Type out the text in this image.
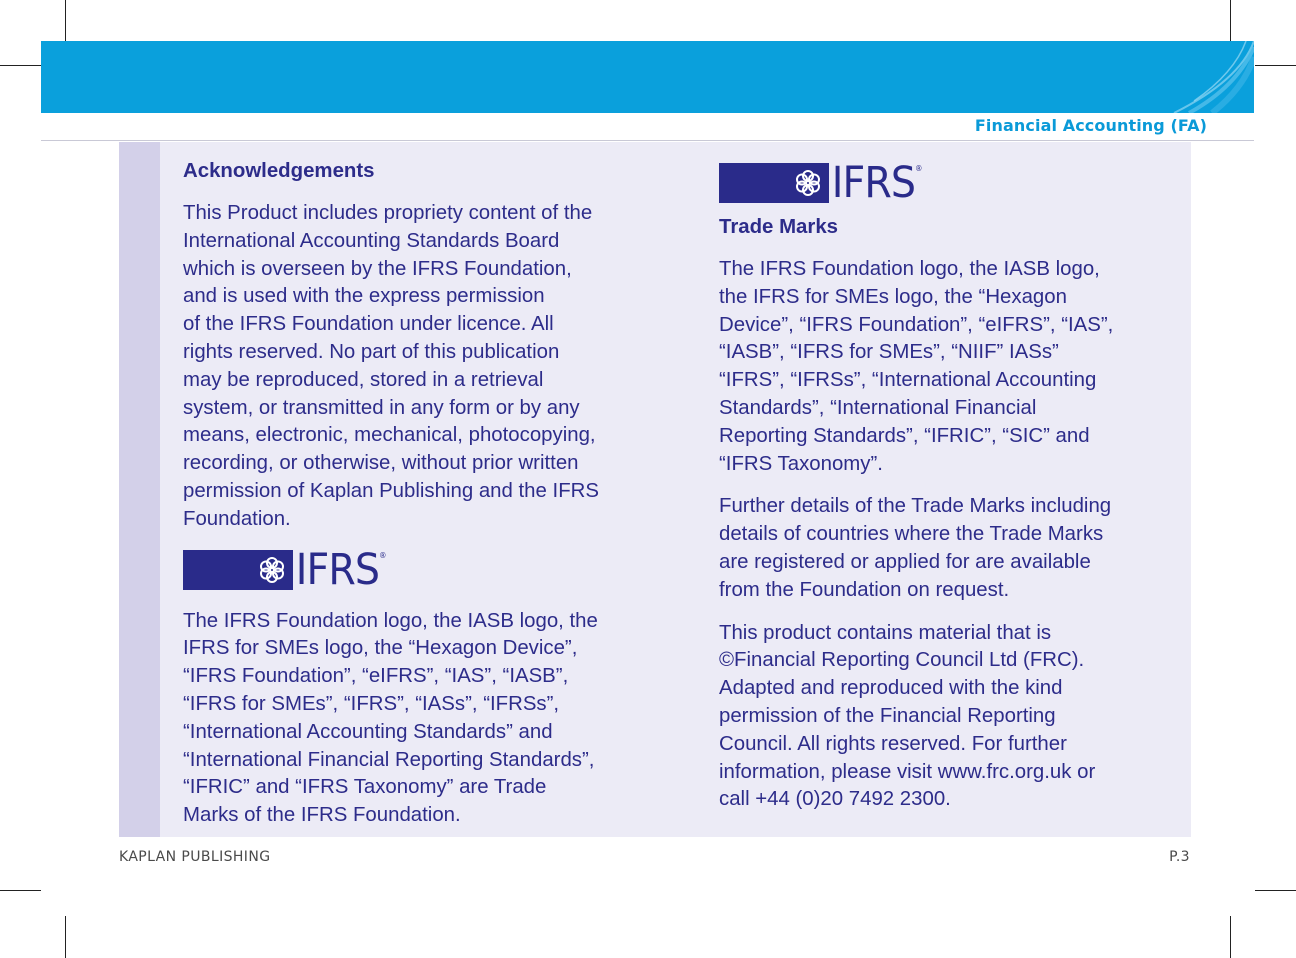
Financial Accounting (FA)
Acknowledgements

This Product includes propriety content of the
International Accounting Standards Board
which is overseen by the IFRS Foundation,
and is used with the express permission
of the IFRS Foundation under licence. All
rights reserved. No part of this publication
may be reproduced, stored in a retrieval
system, or transmitted in any form or by any
means, electronic, mechanical, photocopying,
recording, or otherwise, without prior written
permission of Kaplan Publishing and the IFRS
Foundation.

IFRS®

The IFRS Foundation logo, the IASB logo, the
IFRS for SMEs logo, the “Hexagon Device”,
“IFRS Foundation”, “eIFRS”, “IAS”, “IASB”,
“IFRS for SMEs”, “IFRS”, “IASs”, “IFRSs”,
“International Accounting Standards” and
“International Financial Reporting Standards”,
“IFRIC” and “IFRS Taxonomy” are Trade
Marks of the IFRS Foundation.

IFRS®
Trade Marks

The IFRS Foundation logo, the IASB logo,
the IFRS for SMEs logo, the “Hexagon
Device”, “IFRS Foundation”, “eIFRS”, “IAS”,
“IASB”, “IFRS for SMEs”, “NIIF” IASs”
“IFRS”, “IFRSs”, “International Accounting
Standards”, “International Financial
Reporting Standards”, “IFRIC”, “SIC” and
“IFRS Taxonomy”.

Further details of the Trade Marks including
details of countries where the Trade Marks
are registered or applied for are available
from the Foundation on request.

This product contains material that is
©Financial Reporting Council Ltd (FRC).
Adapted and reproduced with the kind
permission of the Financial Reporting
Council. All rights reserved. For further
information, please visit www.frc.org.uk or
call +44 (0)20 7492 2300.

KAPLAN PUBLISHING	P.3
